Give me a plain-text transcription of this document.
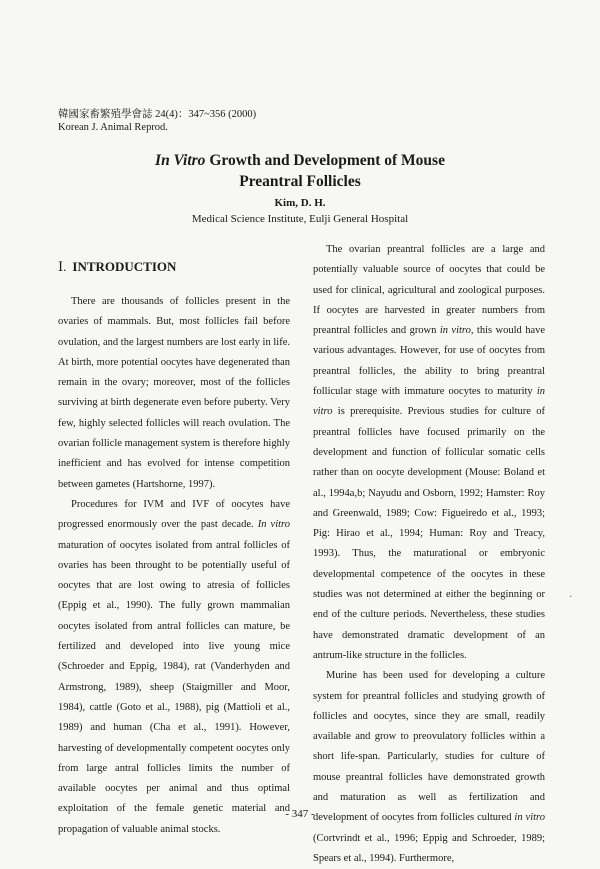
韓國家畜繁殖學會誌 24(4)：347~356 (2000)
Korean J. Animal Reprod.
In Vitro Growth and Development of Mouse
Preantral Follicles
Kim, D. H.
Medical Science Institute, Eulji General Hospital
Ⅰ. INTRODUCTION

There are thousands of follicles present in the ovaries of mammals. But, most follicles fail before ovulation, and the largest numbers are lost early in life. At birth, more potential oocytes have degenerated than remain in the ovary; moreover, most of the follicles surviving at birth degenerate even before puberty. Very few, highly selected follicles will reach ovulation. The ovarian follicle management system is therefore highly inefficient and has evolved for intense competition between gametes (Hartshorne, 1997).

Procedures for IVM and IVF of oocytes have progressed enormously over the past decade. In vitro maturation of oocytes isolated from antral follicles of ovaries has been throught to be potentially useful of oocytes that are lost owing to atresia of follicles (Eppig et al., 1990). The fully grown mammalian oocytes isolated from antral follicles can mature, be fertilized and developed into live young mice (Schroeder and Eppig, 1984), rat (Vanderhyden and Armstrong, 1989), sheep (Staigmiller and Moor, 1984), cattle (Goto et al., 1988), pig (Mattioli et al., 1989) and human (Cha et al., 1991). However, harvesting of developmentally competent oocytes only from large antral follicles limits the number of available oocytes per animal and thus optimal exploitation of the female genetic material and propagation of valuable animal stocks.

The ovarian preantral follicles are a large and potentially valuable source of oocytes that could be used for clinical, agricultural and zoological purposes. If oocytes are harvested in greater numbers from preantral follicles and grown in vitro, this would have various advantages. However, for use of oocytes from preantral follicles, the ability to bring preantral follicular stage with immature oocytes to maturity in vitro is prerequisite. Previous studies for culture of preantral follicles have focused primarily on the development and function of follicular somatic cells rather than on oocyte development (Mouse: Boland et al., 1994a,b; Nayudu and Osborn, 1992; Hamster: Roy and Greenwald, 1989; Cow: Figueiredo et al., 1993; Pig: Hirao et al., 1994; Human: Roy and Treacy, 1993). Thus, the maturational or embryonic developmental competence of the oocytes in these studies was not determined at either the beginning or end of the culture periods. Nevertheless, these studies have demonstrated dramatic development of an antrum-like structure in the follicles.

Murine has been used for developing a culture system for preantral follicles and studying growth of follicles and oocytes, since they are small, readily available and grow to preovulatory follicles within a short life-span. Particularly, studies for culture of mouse preantral follicles have demonstrated growth and maturation as well as fertilization and development of oocytes from follicles cultured in vitro (Cortvrindt et al., 1996; Eppig and Schroeder, 1989; Spears et al., 1994). Furthermore,

·
- 347 -
